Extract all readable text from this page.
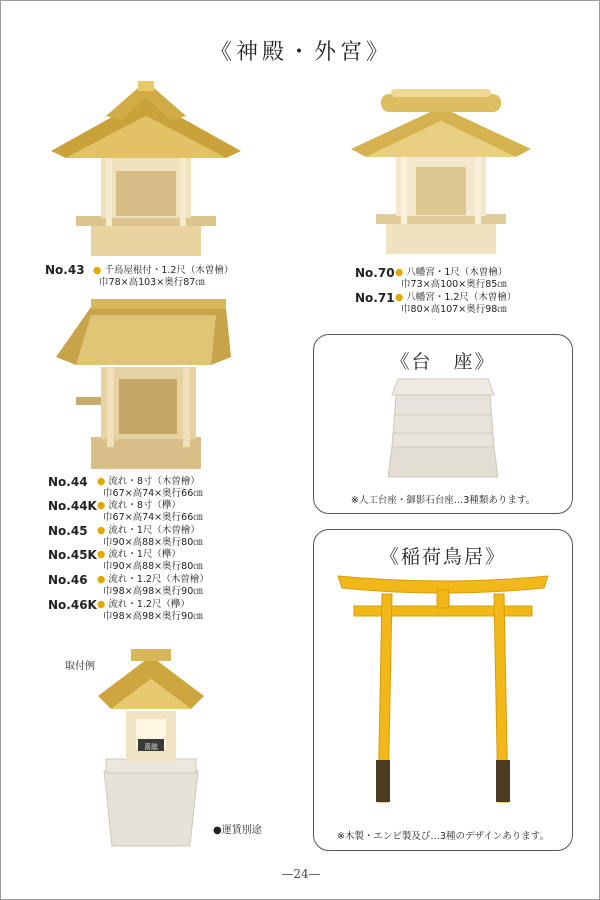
《神殿・外宮》
No.43 ● 千鳥屋根付・1.2尺（木曽檜）
巾78×高103×奥行87㎝
No.70 ● 八幡宮・1尺（木曽檜）
巾73×高100×奥行85㎝
No.71 ● 八幡宮・1.2尺（木曽檜）
巾80×高107×奥行98㎝
No.44 ● 流れ・8寸（木曽檜）
巾67×高74×奥行66㎝
No.44K ● 流れ・8寸（欅）
巾67×高74×奥行66㎝
No.45 ● 流れ・1尺（木曽檜）
巾90×高88×奥行80㎝
No.45K ● 流れ・1尺（欅）
巾90×高88×奥行80㎝
No.46 ● 流れ・1.2尺（木曽檜）
巾98×高98×奥行90㎝
No.46K ● 流れ・1.2尺（欅）
巾98×高98×奥行90㎝
取付例
喜総
●運賃別途
《台　座》
※人工台座・御影石台座…3種類あります。
《稲荷鳥居》
※木製・エンビ製及び…3種のデザインあります。
—24—
